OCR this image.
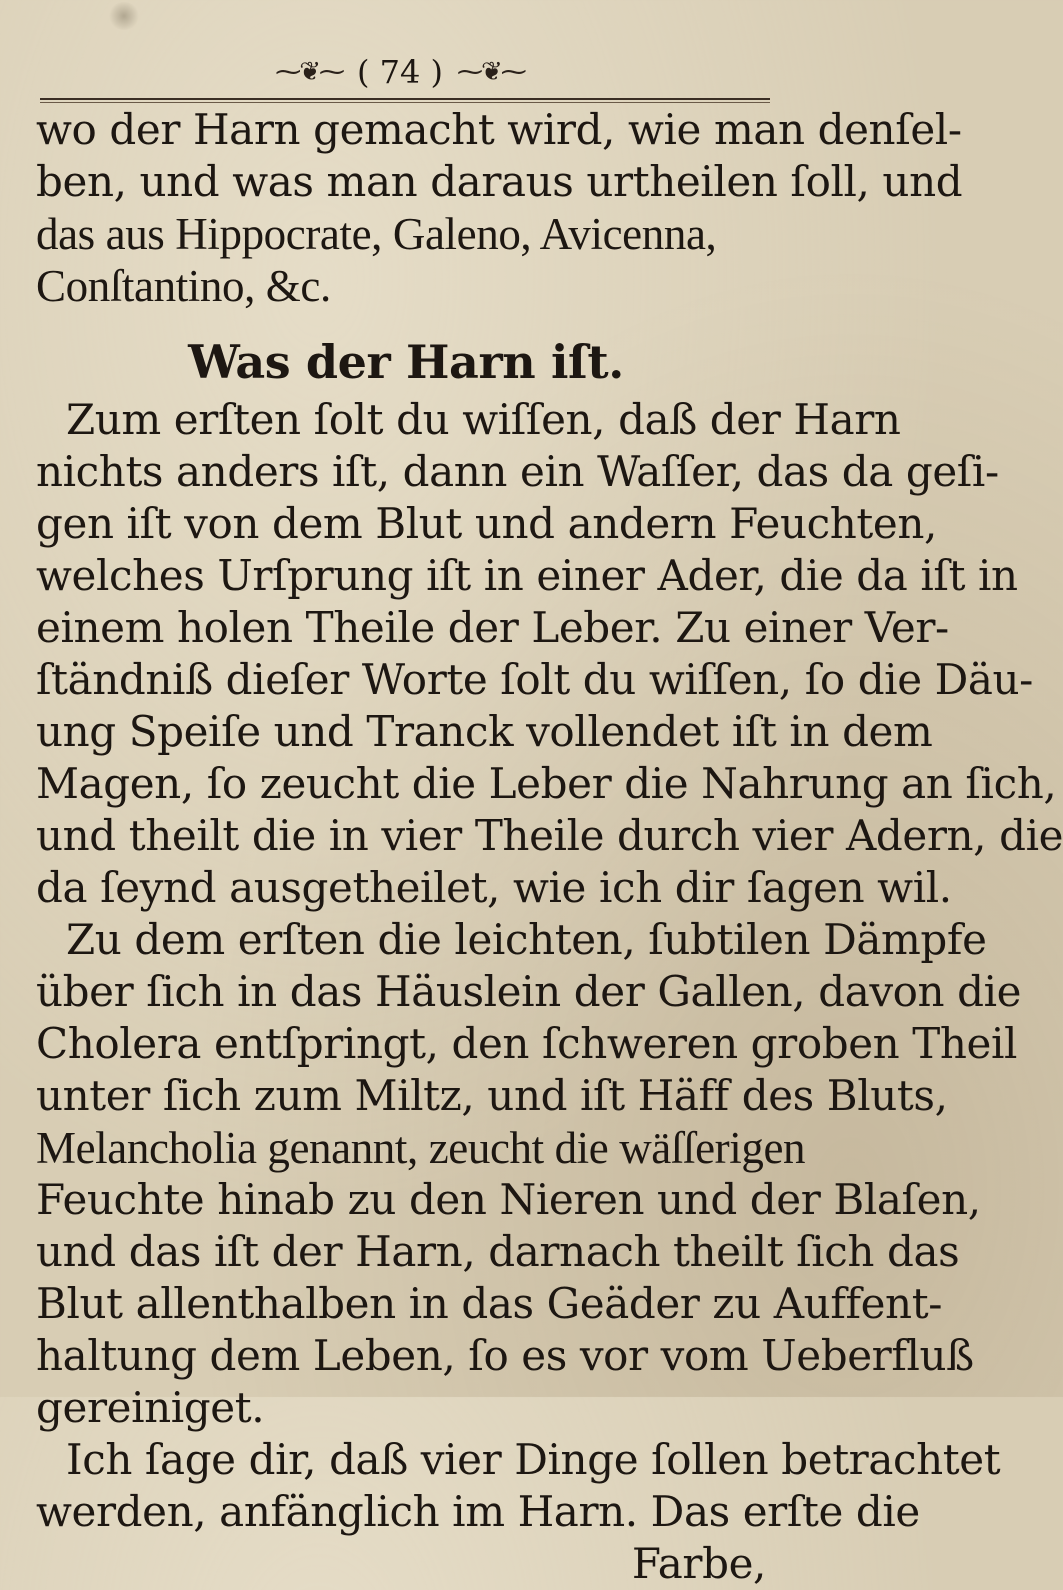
⁓❦⁓ ( 74 ) ⁓❦⁓
wo der Harn gemacht wird, wie man denſel-
ben, und was man daraus urtheilen ſoll, und
das aus Hippocrate, Galeno, Avicenna,
Conſtantino, &c.
Was der Harn iſt.
Zum erſten ſolt du wiſſen, daß der Harn
nichts anders iſt, dann ein Waſſer, das da geſi-
gen iſt von dem Blut und andern Feuchten,
welches Urſprung iſt in einer Ader, die da iſt in
einem holen Theile der Leber. Zu einer Ver-
ſtändniß dieſer Worte ſolt du wiſſen, ſo die Däu-
ung Speiſe und Tranck vollendet iſt in dem
Magen, ſo zeucht die Leber die Nahrung an ſich,
und theilt die in vier Theile durch vier Adern, die
da ſeynd ausgetheilet, wie ich dir ſagen wil.
Zu dem erſten die leichten, ſubtilen Dämpfe
über ſich in das Häuslein der Gallen, davon die
Cholera entſpringt, den ſchweren groben Theil
unter ſich zum Miltz, und iſt Häff des Bluts,
Melancholia genannt, zeucht die wäſſerigen
Feuchte hinab zu den Nieren und der Blaſen,
und das iſt der Harn, darnach theilt ſich das
Blut allenthalben in das Geäder zu Auffent-
haltung dem Leben, ſo es vor vom Ueberfluß
gereiniget.
Ich ſage dir, daß vier Dinge ſollen betrachtet
werden, anfänglich im Harn. Das erſte die
Farbe,
